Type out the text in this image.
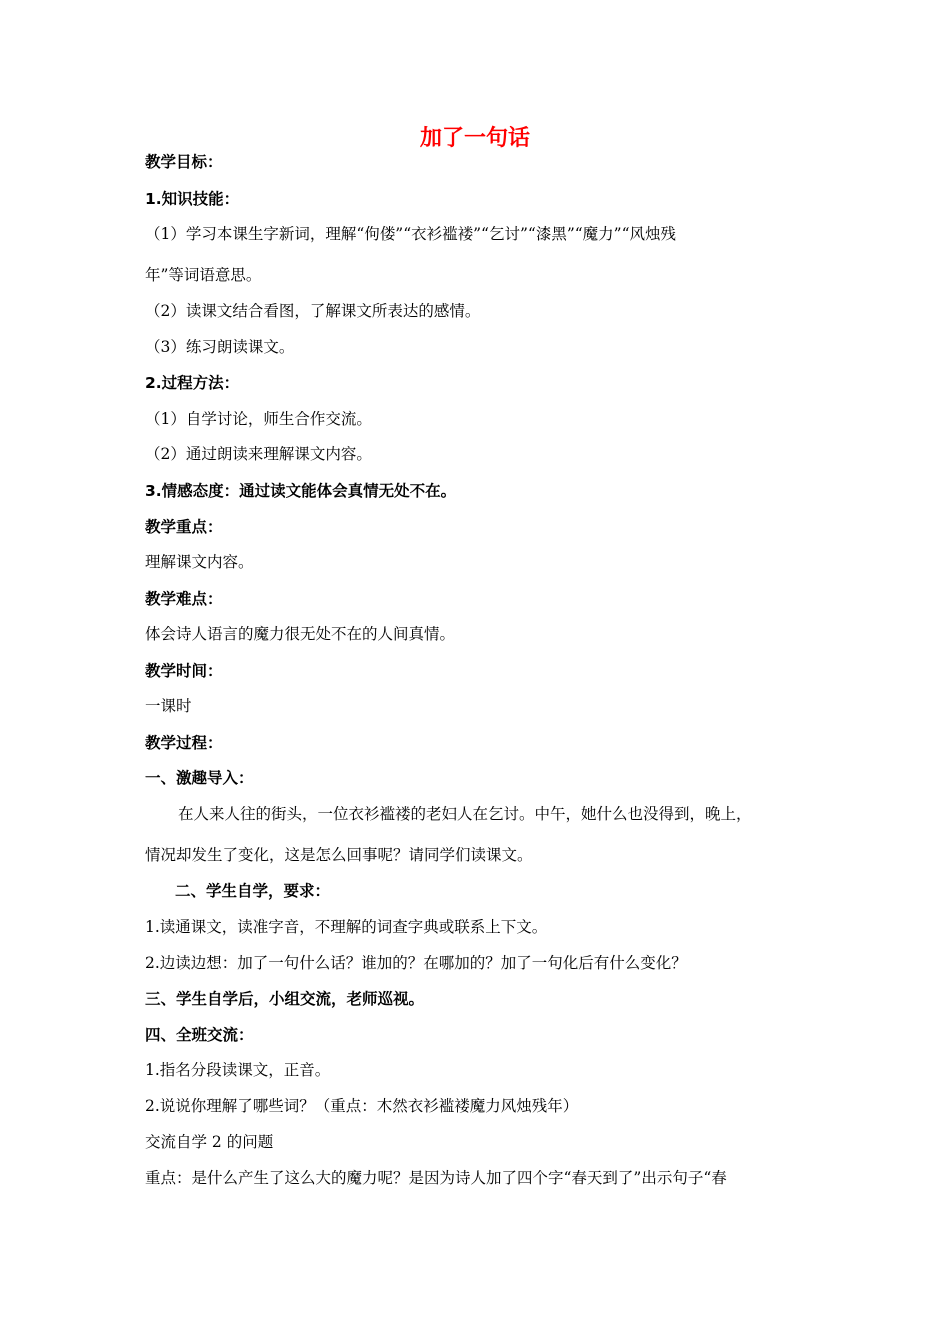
加了一句话
教学目标：
1.知识技能：
（1）学习本课生字新词，理解“佝偻”“衣衫褴褛”“乞讨”“漆黑”“魔力”“风烛残
年”等词语意思。
（2）读课文结合看图，了解课文所表达的感情。
（3）练习朗读课文。
2.过程方法：
（1）自学讨论，师生合作交流。
（2）通过朗读来理解课文内容。
3.情感态度：通过读文能体会真情无处不在。
教学重点：
理解课文内容。
教学难点：
体会诗人语言的魔力很无处不在的人间真情。
教学时间：
一课时
教学过程：
一、激趣导入：
在人来人往的街头，一位衣衫褴褛的老妇人在乞讨。中午，她什么也没得到，晚上，
情况却发生了变化，这是怎么回事呢？请同学们读课文。
二、学生自学，要求：
1.读通课文，读准字音，不理解的词查字典或联系上下文。
2.边读边想：加了一句什么话？谁加的？在哪加的？加了一句化后有什么变化？
三、学生自学后，小组交流，老师巡视。
四、全班交流：
1.指名分段读课文，正音。
2.说说你理解了哪些词？（重点：木然衣衫褴褛魔力风烛残年）
交流自学 2 的问题
重点：是什么产生了这么大的魔力呢？是因为诗人加了四个字“春天到了”出示句子“春
